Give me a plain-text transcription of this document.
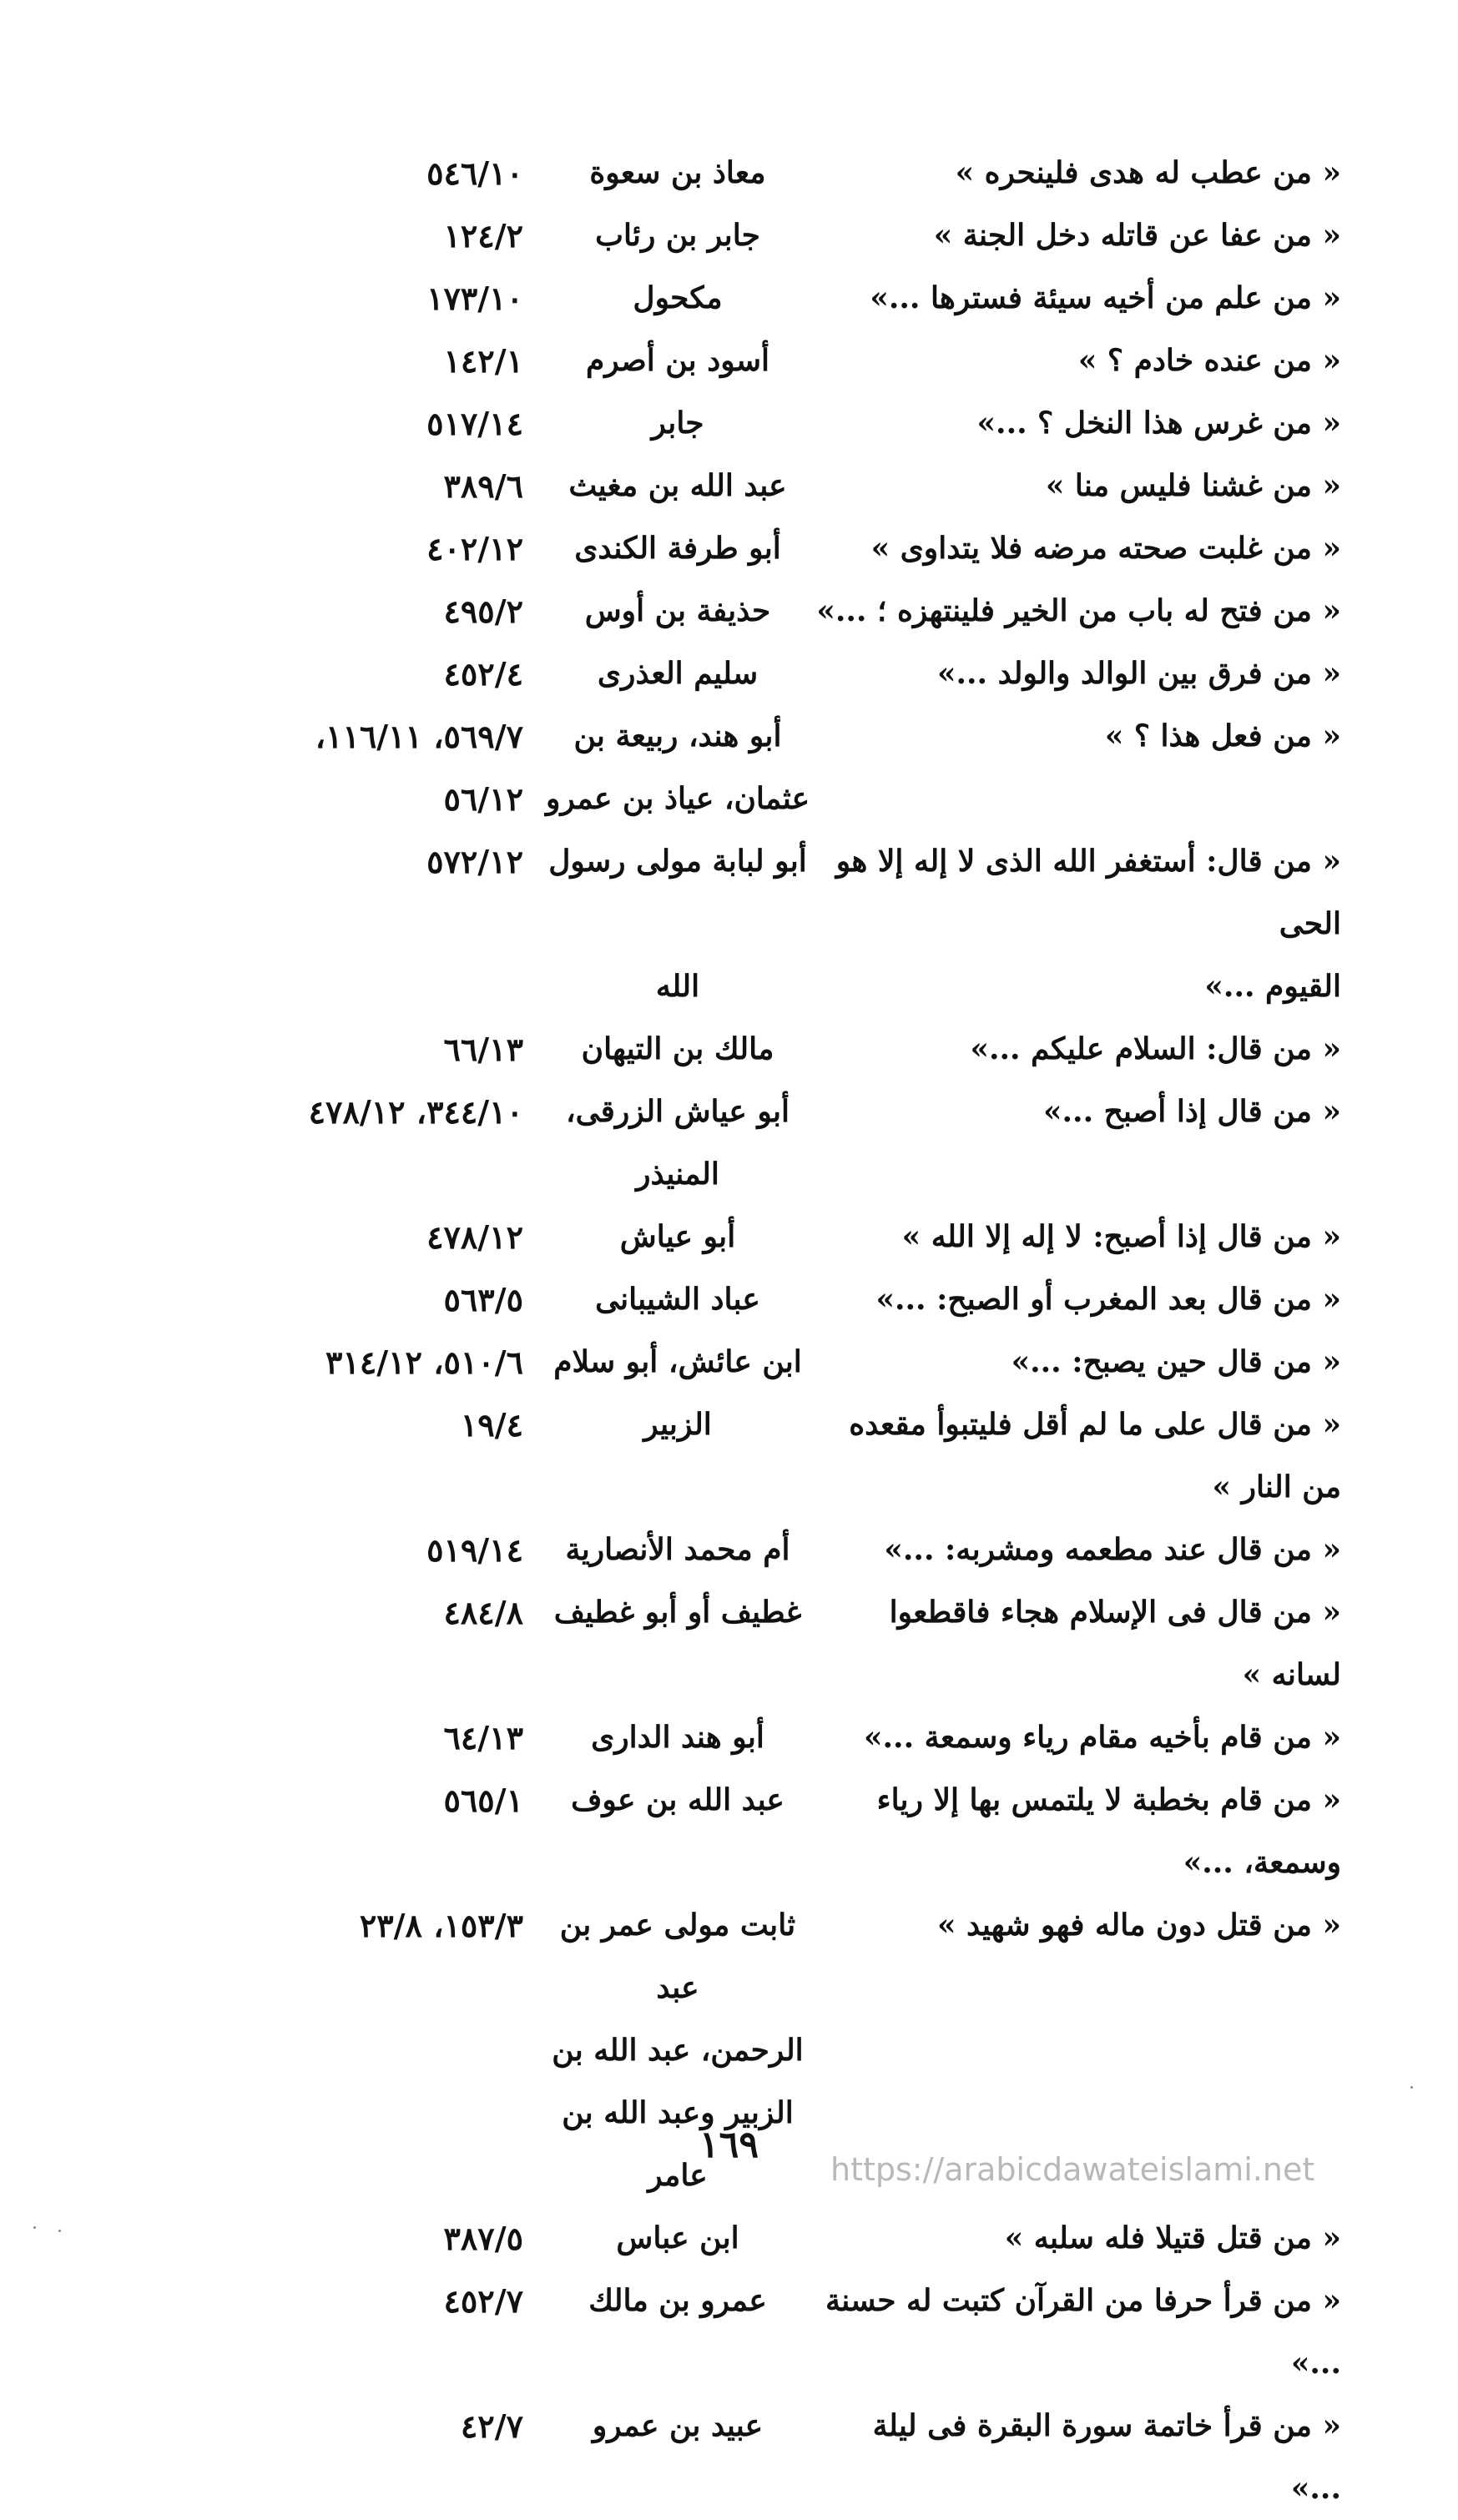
« من عطب له هدى فلينحره »
معاذ بن سعوة
٥٤٦/١٠
« من عفا عن قاتله دخل الجنة »
جابر بن رئاب
١٢٤/٢
« من علم من أخيه سيئة فسترها ...»
مكحول
١٧٣/١٠
« من عنده خادم ؟ »
أسود بن أصرم
١٤٢/١
« من غرس هذا النخل ؟ ...»
جابر
٥١٧/١٤
« من غشنا فليس منا »
عبد الله بن مغيث
٣٨٩/٦
« من غلبت صحته مرضه فلا يتداوى »
أبو طرفة الكندى
٤٠٢/١٢
« من فتح له باب من الخير فلينتهزه ؛ ...»
حذيفة بن أوس
٤٩٥/٢
« من فرق بين الوالد والولد ...»
سليم العذرى
٤٥٢/٤
« من فعل هذا ؟ »
أبو هند، ربيعة بن
٥٦٩/٧، ١١٦/١١،
عثمان، عياذ بن عمرو
٥٦/١٢
« من قال: أستغفر الله الذى لا إله إلا هو الحى
أبو لبابة مولى رسول
٥٧٢/١٢
القيوم ...»
الله
« من قال: السلام عليكم ...»
مالك بن التيهان
٦٦/١٣
« من قال إذا أصبح ...»
أبو عياش الزرقى،
٣٤٤/١٠، ٤٧٨/١٢
المنيذر
« من قال إذا أصبح: لا إله إلا الله »
أبو عياش
٤٧٨/١٢
« من قال بعد المغرب أو الصبح: ...»
عباد الشيبانى
٥٦٣/٥
« من قال حين يصبح: ...»
ابن عائش، أبو سلام
٥١٠/٦، ٣١٤/١٢
« من قال على ما لم أقل فليتبوأ مقعده من النار »
الزبير
١٩/٤
« من قال عند مطعمه ومشربه: ...»
أم محمد الأنصارية
٥١٩/١٤
« من قال فى الإسلام هجاء فاقطعوا لسانه »
غطيف أو أبو غطيف
٤٨٤/٨
« من قام بأخيه مقام رياء وسمعة ...»
أبو هند الدارى
٦٤/١٣
« من قام بخطبة لا يلتمس بها إلا رياء
عبد الله بن عوف
٥٦٥/١
وسمعة، ...»
« من قتل دون ماله فهو شهيد »
ثابت مولى عمر بن عبد
١٥٣/٣، ٢٣/٨
الرحمن، عبد الله بن
الزبير وعبد الله بن عامر
« من قتل قتيلا فله سلبه »
ابن عباس
٣٨٧/٥
« من قرأ حرفا من القرآن كتبت له حسنة ...»
عمرو بن مالك
٤٥٢/٧
« من قرأ خاتمة سورة البقرة فى ليلة ...»
عبيد بن عمرو
٤٢/٧
١٦٩
https://arabicdawateislami.net
